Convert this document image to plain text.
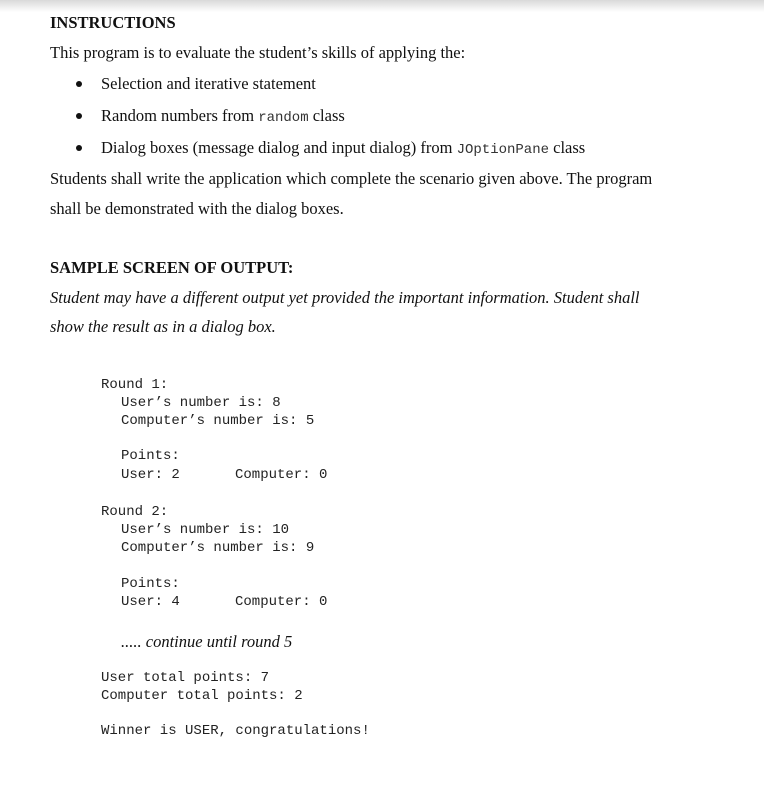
INSTRUCTIONS
This program is to evaluate the student’s skills of applying the:
Selection and iterative statement
Random numbers from random class
Dialog boxes (message dialog and input dialog) from JOptionPane class
Students shall write the application which complete the scenario given above. The program
shall be demonstrated with the dialog boxes.
SAMPLE SCREEN OF OUTPUT:
Student may have a different output yet provided the important information. Student shall
show the result as in a dialog box.
Round 1:
User’s number is: 8
Computer’s number is: 5
Points:
User: 2	Computer: 0
Round 2:
User’s number is: 10
Computer’s number is: 9
Points:
User: 4	Computer: 0
..... continue until round 5
User total points: 7
Computer total points: 2
Winner is USER, congratulations!
